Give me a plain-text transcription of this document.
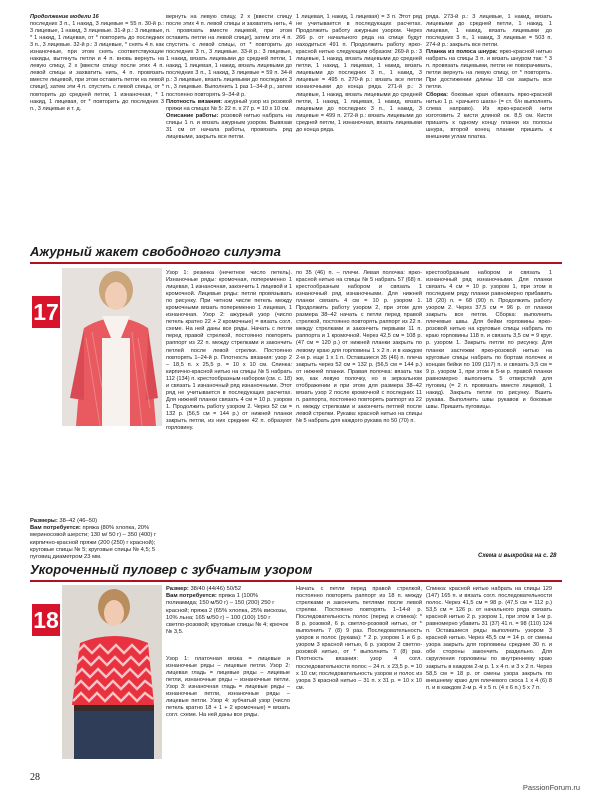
Продолжение модели 16

последних 3 п., 1 накид, 3 лицевые = 55 п. 30-й р.: 3 лицевые, 1 накид, 3 лицевые. 31-й р.: 3 лицевые, * 1 накид, 1 лицевая, от * повторить до последних 3 п., 3 лицевые. 32-й р.: 3 лицевые, * снять 4 п. как изнаночные, при этом снять соответствующие накиды, вытянуть петли и 4 п. вновь вернуть на левую спицу, 2 х [ввести спицу после этих 4 п. левой спицы и захватить нить, 4 п. провязать вместе лицевой, при этом оставить петли на левой спице], затем эти 4 п. спустить с левой спицы, от * повторить до средней петли, 1 изнаночная, * 1 накид, 1 лицевая, от * повторить до последних 3 п., 3 лицевые и т. д.

вернуть на левую спицу, 2 х [ввести спицу после этих 4 п. левой спицы и захватить нить, 4 п. провязать вместе лицевой, при этом оставить петли на левой спице], затем эти 4 п. спустить с левой спицы, от * повторить до последних 3 п., 3 лицевые. 33-й р.: 3 лицевые, 1 накид, вязать лицевыми до средней петли, 1 накид, 1 лицевая, 1 накид, вязать лицевыми до последних 3 п., 1 накид, 3 лицевые = 59 п. 34-й р.: 3 лицевые, вязать лицевыми до последних 3 п., 3 лицевые. Выполнить 1 раз 1–34-й р., затем постоянно повторять 9–34-й р.

Плотность вязания: ажурный узор из розовой пряжи на спицах № 5: 22 п. х 27 р. = 10 х 10 см.

Описание работы: розовой нитью набрать на спицы 1 п. и вязать ажурным узором. Вывязав 31 см от начала работы, провязать ряд лицевыми, закрыть все петли.

1 лицевая, 1 накид, 1 лицевая) = 3 п. Этот ряд не учитывается в последующих расчетах. Продолжить работу ажурным узором. Через 266 р. от начального ряда на спице будут находиться 491 п. Продолжить работу ярко-красной нитью следующим образом: 269-й р.: 3 лицевые, 1 накид, вязать лицевыми до средней петли, 1 накид, 1 лицевая, 1 накид, вязать лицевыми до последних 3 п., 1 накид, 3 лицевые = 495 п. 270-й р.: вязать все петли изнаночными до конца ряда. 271-й р.: 3 лицевые, 1 накид, вязать лицевыми до средней петли, 1 накид, 1 лицевая, 1 накид, вязать лицевыми до последних 3 п., 1 накид, 3 лицевые = 499 п. 272-й р.: вязать лицевыми до средней петли, 1 изнаночная, вязать лицевыми до конца ряда.

ряда. 273-й р.: 3 лицевые, 1 накид, вязать лицевыми до средней петли, 1 накид, 1 лицевая, 1 накид, вязать лицевыми до последних 3 п., 1 накид, 3 лицевые = 503 п. 274-й р.: закрыть все петли.

Планка из полоса шнура: ярко-красной нитью набрать на спицы 3 п. и вязать шнуром так: * 3 п. провязать лицевыми, петли не поворачивать, петли вернуть на левую спицу, от * повторять. При достижении длины 18 см закрыть все петли.

Сборка: боковые края обвязать ярко-красной нитью 1 р. «рачьего шага» (= ст. б/н выполнять слева направо). Из ярко-красной нити изготовить 2 кисти длиной ок. 8,5 см. Кисти пришить к одному концу планки из полосы шнура, второй конец планки пришить к внешним углам платка.

Ажурный жакет свободного силуэта
17
Размеры: 38–42 (46–50)
Вам потребуется: пряжа (80% хлопка, 20% мериносовой шерсти; 130 м/ 50 г) – 350 (400) г кирпично-красной пряжи (200 (250) г красной); круговые спицы № 5; круговые спицы № 4,5; 5 пуговиц диаметром 23 мм.

Узор 1: резинка (нечетное число петель). Изнаночные ряды: кромочная, попеременно 1 лицевая, 1 изнаночная, закончить 1 лицевой и 1 кромочной. Лицевые ряды: петли провязывать по рисунку. При четном числе петель между кромочными вязать попеременно 1 лицевая, 1 изнаночная. Узор 2: ажурный узор (число петель кратно 22 + 2 кромочные) = вязать согл. схеме. На ней даны все ряды. Начать с петли перед правой стрелкой, постоянно повторять раппорт из 22 п. между стрелками и закончить петлей после левой стрелки. Постоянно повторять 1–24-й р. Плотность вязания: узор 2 – 18,5 п. х 25,5 р. = 10 х 10 см. Спинка: кирпично-красной нитью на спицы № 5 набрать 112 (134) п. крестообразным набором (см. с. 18) и связать 1 изнаночный ряд изнаночными. Этот ряд не учитывается в последующих расчетах. Для нижней планки связать 4 см = 10 р. узором 1. Продолжить работу узором 2. Через 52 см = 132 р. (56,5 см = 144 р.) от нижней планки закрыть петли, из них средние 42 п. образуют горловину.

по 35 (46) п. – плечи. Левая полочка: ярко-красной нитью на спицы № 5 набрать 57 (68) п. крестообразным набором и связать 1 изнаночный ряд изнаночными. Для нижней планки связать 4 см = 10 р. узором 1. Продолжить работу узором 2, при этом для размера 38–42 начать с петли перед правой стрелкой, постоянно повторять раппорт из 22 п. между стрелками и закончить первыми 11 п. раппорта и 1 кромочной. Через 42,5 см = 108 р. (47 см = 120 р.) от нижней планки закрыть по левому краю для горловины 1 х 2 п. и в каждом 2-м р. еще 1 х 1 п. Оставшиеся 35 (46) п. плеча закрыть через 52 см = 132 р. (56,5 см = 144 р.) от нижней планки. Правая полочка: вязать так же, как левую полочку, но в зеркальном отображении и при этом для размера 38–42 вязать узор 2 после кромочной с последних 11 п. раппорта, постоянно повторять раппорт из 22 п. между стрелками и закончить петлей после левой стрелки. Рукава: красной нитью на спицы № 5 набрать для каждого рукава по 50 (70) п.

крестообразным набором и связать 1 изнаночный ряд изнаночными. Для планки связать 4 см = 10 р. узором 1, при этом в последнем ряду планки равномерно прибавить 18 (20) п. = 68 (90) п. Продолжить работу узором 2. Через 37,5 см = 96 р. от планки закрыть все петли. Сборка: выполнить плечевые швы. Для бейки горловины ярко-розовой нитью на круговые спицы набрать по краю горловины 118 п. и связать 3,5 см = 9 круг. р. узором 1. Закрыть петли по рисунку. Для планки застежки ярко-розовой нитью на круговые спицы набрать по бортам полочек и концам бейки по 109 (117) п. и связать 3,5 см = 9 р. узором 1, при этом в 5-м р. правой планки равномерно выполнить 5 отверстий для пуговиц (= 2 п. провязать вместе лицевой, 1 накид). Закрыть петли по рисунку. Вшить рукава. Выполнить швы рукавов и боковые швы. Пришить пуговицы.

Схема и выкройка на с. 28
Укороченный пуловер с зубчатым узором
18
Размер: 38/40 (44/46) 50/52
Вам потребуется: пряжа 1 (100% полиамида; 150 м/50 г) – 150 (200) 250 г красной; пряжа 2 (65% хлопка, 25% вискозы, 10% льна; 165 м/50 г) – 100 (100) 150 г светло-розовой; круговые спицы № 4; крючок № 3,5.

Узор 1: платочная вязка = лицевые и изнаночные ряды – лицевые петли. Узор 2: лицевая гладь = лицевые ряды – лицевые петли, изнаночные ряды – изнаночные петли. Узор 3: изнаночная гладь = лицевые ряды – изнаночные петли, изнаночные ряды – лицевые петли. Узор 4: зубчатый узор (число петель кратно 18 + 1 + 2 кромочные) = вязать согл. схеме. На ней даны все ряды.

Начать с петли перед правой стрелкой, постоянно повторять раппорт из 18 п. между стрелками и закончить петлями после левой стрелки. Постоянно повторять 1–14-й р. Последовательность полос (перед и спинка): * 8 р. розовой, 6 р. светло-розовой нитью, от * выполнить 7 (8) 9 раз. Последовательность узоров и полос (рукава): * 2 р. узором 1 и 6 р. узором 3 красной нитью, 6 р. узором 2 светло-розовой нитью, от * выполнить 7 (8) раз. Плотность вязания: узор 4 согл. последовательности полос – 24 п. х 23,5 р. = 10 х 10 см; последовательность узоров и полос из узора 3 красной нитью – 31 п. х 31 р. = 10 х 10 см.

Спинка: красной нитью набрать на спицы 129 (147) 165 п. и вязать согл. последовательности полос. Через 41,5 см = 98 р. (47,5 см = 112 р.) 53,5 см = 126 р. от начального ряда связать красной нитью 2 р. узором 1, при этом в 1-м р. равномерно убавить 31 (37) 41 п. = 98 (110) 124 п. Оставшиеся ряды выполнить узором 3 красной нитью. Через 45,5 см = 14 р. от смены узора закрыть для горловины средние 30 п. и обе стороны закончить раздельно. Для скругления горловины по внутреннему краю закрыть в каждом 2-м р. 1 х 4 п. и 3 х 2 п. Через 58,5 см = 18 р. от смены узора закрыть по внешнему краю для плечевого скоса 1 х 4 (6) 8 п. и в каждом 2-м р. 4 х 5 п. (4 х 6 п.) 5 х 7 п.

28
PassionForum.ru
